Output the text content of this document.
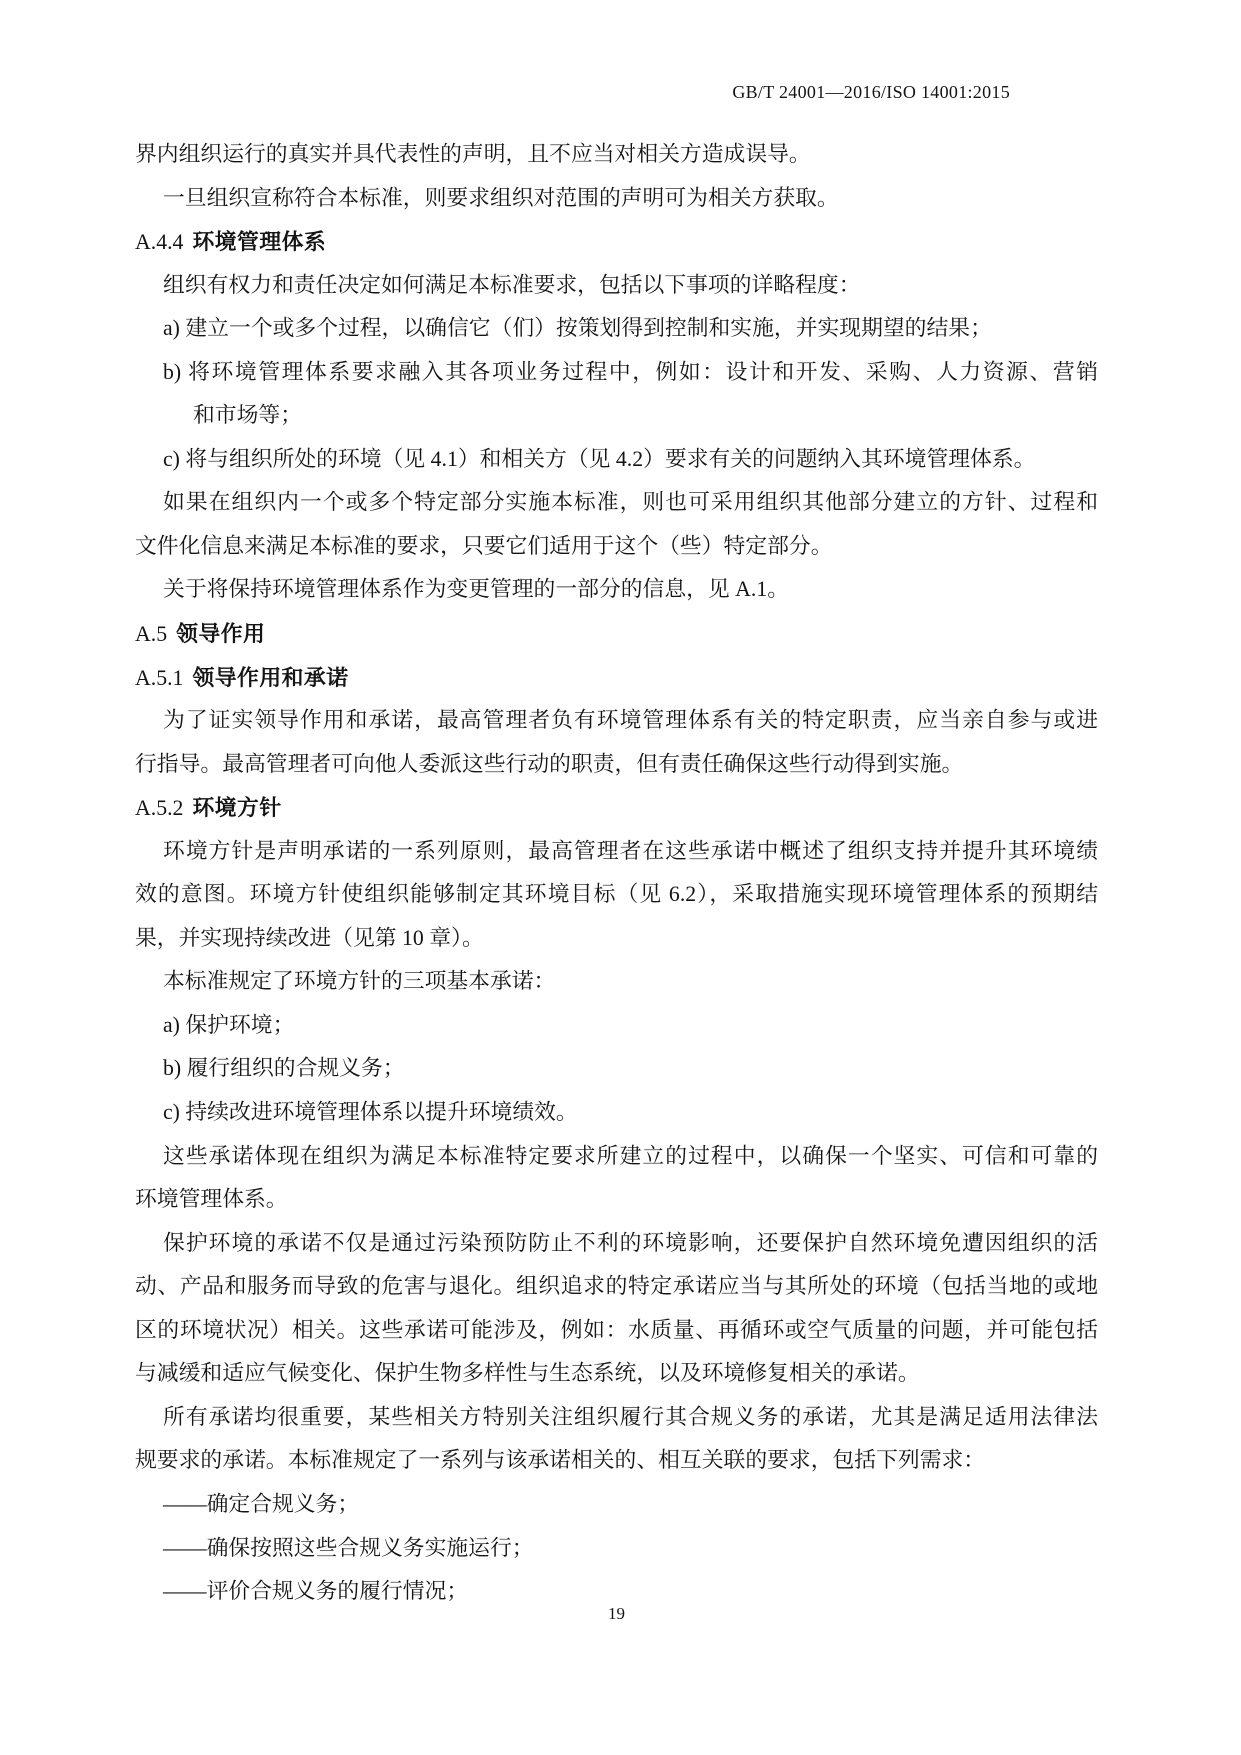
GB/T 24001—2016/ISO 14001:2015
界内组织运行的真实并具代表性的声明，且不应当对相关方造成误导。
一旦组织宣称符合本标准，则要求组织对范围的声明可为相关方获取。
A.4.4 环境管理体系
组织有权力和责任决定如何满足本标准要求，包括以下事项的详略程度：
a) 建立一个或多个过程，以确信它（们）按策划得到控制和实施，并实现期望的结果；
b) 将环境管理体系要求融入其各项业务过程中，例如：设计和开发、采购、人力资源、营销
和市场等；
c) 将与组织所处的环境（见 4.1）和相关方（见 4.2）要求有关的问题纳入其环境管理体系。
如果在组织内一个或多个特定部分实施本标准，则也可采用组织其他部分建立的方针、过程和
文件化信息来满足本标准的要求，只要它们适用于这个（些）特定部分。
关于将保持环境管理体系作为变更管理的一部分的信息，见 A.1。
A.5 领导作用
A.5.1 领导作用和承诺
为了证实领导作用和承诺，最高管理者负有环境管理体系有关的特定职责，应当亲自参与或进
行指导。最高管理者可向他人委派这些行动的职责，但有责任确保这些行动得到实施。
A.5.2 环境方针
环境方针是声明承诺的一系列原则，最高管理者在这些承诺中概述了组织支持并提升其环境绩
效的意图。环境方针使组织能够制定其环境目标（见 6.2），采取措施实现环境管理体系的预期结
果，并实现持续改进（见第 10 章）。
本标准规定了环境方针的三项基本承诺：
a) 保护环境；
b) 履行组织的合规义务；
c) 持续改进环境管理体系以提升环境绩效。
这些承诺体现在组织为满足本标准特定要求所建立的过程中，以确保一个坚实、可信和可靠的
环境管理体系。
保护环境的承诺不仅是通过污染预防防止不利的环境影响，还要保护自然环境免遭因组织的活
动、产品和服务而导致的危害与退化。组织追求的特定承诺应当与其所处的环境（包括当地的或地
区的环境状况）相关。这些承诺可能涉及，例如：水质量、再循环或空气质量的问题，并可能包括
与减缓和适应气候变化、保护生物多样性与生态系统，以及环境修复相关的承诺。
所有承诺均很重要，某些相关方特别关注组织履行其合规义务的承诺，尤其是满足适用法律法
规要求的承诺。本标准规定了一系列与该承诺相关的、相互关联的要求，包括下列需求：
——确定合规义务；
——确保按照这些合规义务实施运行；
——评价合规义务的履行情况；
19
